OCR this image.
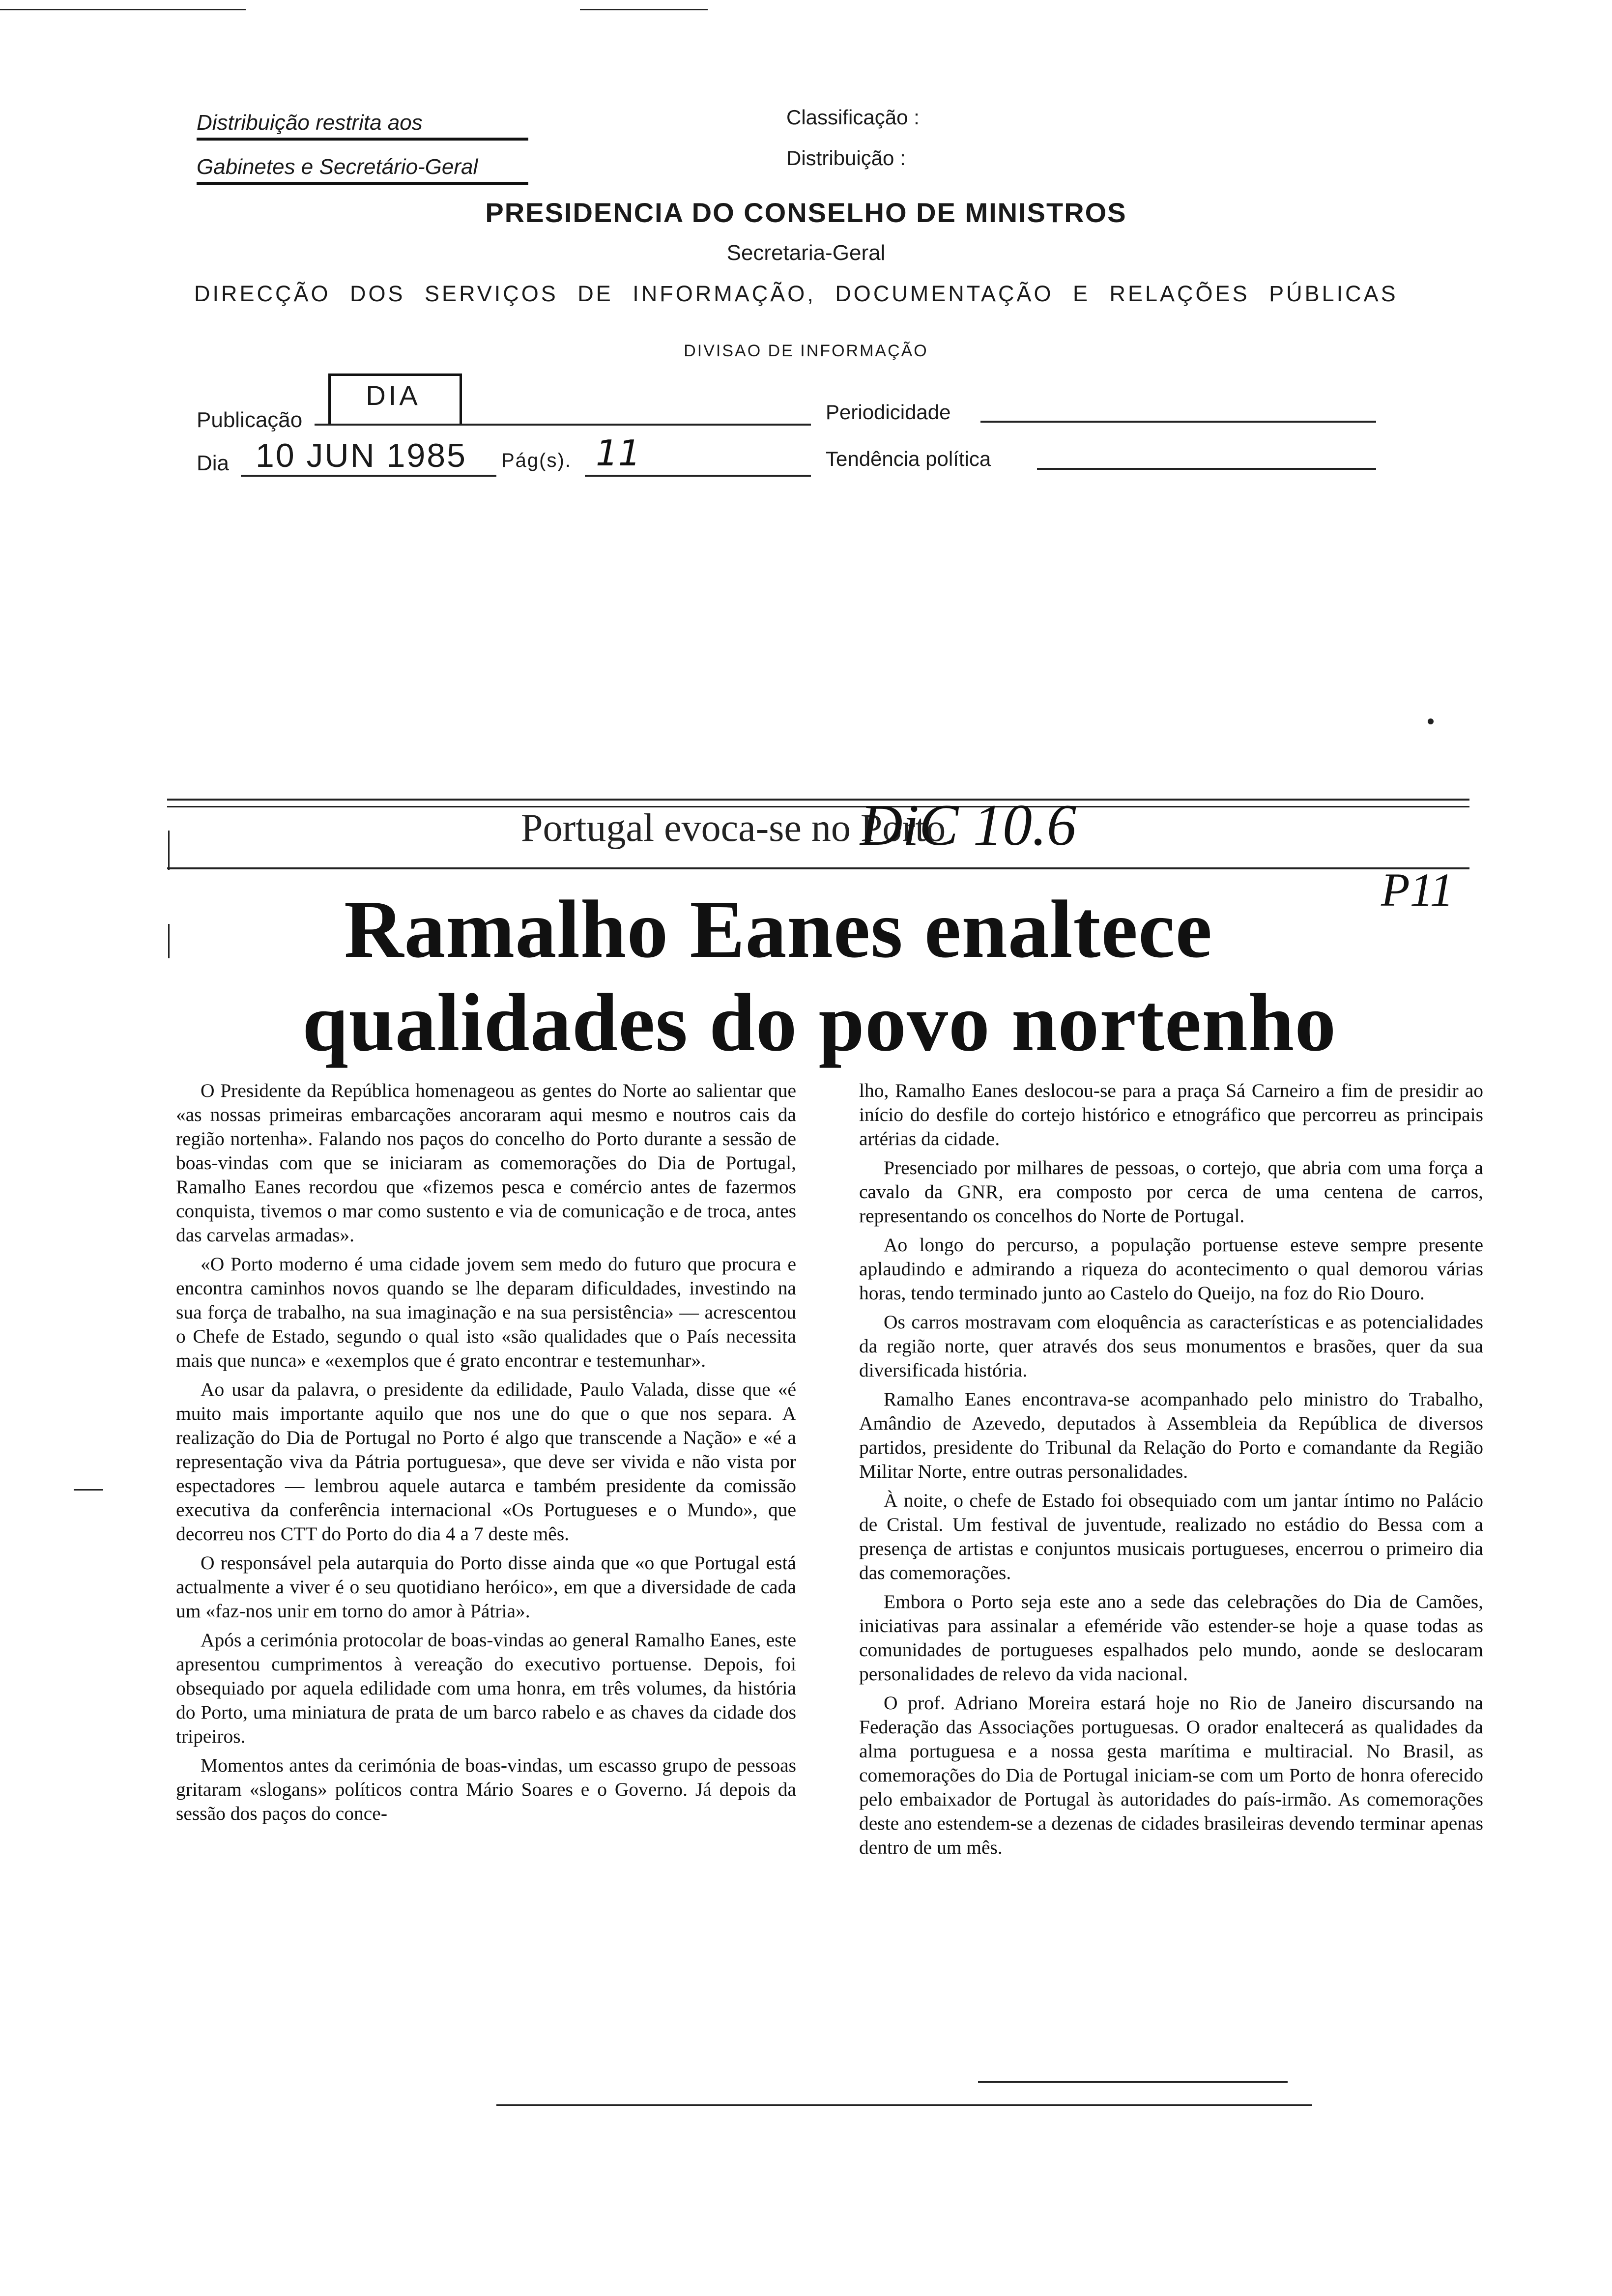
Distribuição restrita aos
Gabinetes e Secretário-Geral
Classificação :
Distribuição :
PRESIDENCIA DO CONSELHO DE MINISTROS
Secretaria-Geral
DIRECÇÃO DOS SERVIÇOS DE INFORMAÇÃO, DOCUMENTAÇÃO E RELAÇÕES PÚBLICAS
DIVISAO DE INFORMAÇÃO
Publicação
DIA
Periodicidade
Dia 10 JUN 1985 Pág(s). 11	Tendência política
Portugal evoca-se no Porto
DiC 10.6
P11
Ramalho Eanes enaltece
qualidades do povo nortenho

O Presidente da República homenageou as gentes do Norte ao salientar que «as nossas primeiras embarcações ancoraram aqui mesmo e noutros cais da região nortenha». Falando nos paços do concelho do Porto durante a sessão de boas-vindas com que se iniciaram as comemorações do Dia de Portugal, Ramalho Eanes recordou que «fizemos pesca e comércio antes de fazermos conquista, tivemos o mar como sustento e via de comunicação e de troca, antes das carvelas armadas».

«O Porto moderno é uma cidade jovem sem medo do futuro que procura e encontra caminhos novos quando se lhe deparam dificuldades, investindo na sua força de trabalho, na sua imaginação e na sua persistência» — acrescentou o Chefe de Estado, segundo o qual isto «são qualidades que o País necessita mais que nunca» e «exemplos que é grato encontrar e testemunhar».

Ao usar da palavra, o presidente da edilidade, Paulo Valada, disse que «é muito mais importante aquilo que nos une do que o que nos separa. A realização do Dia de Portugal no Porto é algo que transcende a Nação» e «é a representação viva da Pátria portuguesa», que deve ser vivida e não vista por espectadores — lembrou aquele autarca e também presidente da comissão executiva da conferência internacional «Os Portugueses e o Mundo», que decorreu nos CTT do Porto do dia 4 a 7 deste mês.

O responsável pela autarquia do Porto disse ainda que «o que Portugal está actualmente a viver é o seu quotidiano heróico», em que a diversidade de cada um «faz-nos unir em torno do amor à Pátria».

Após a cerimónia protocolar de boas-vindas ao general Ramalho Eanes, este apresentou cumprimentos à vereação do executivo portuense. Depois, foi obsequiado por aquela edilidade com uma honra, em três volumes, da história do Porto, uma miniatura de prata de um barco rabelo e as chaves da cidade dos tripeiros.

Momentos antes da cerimónia de boas-vindas, um escasso grupo de pessoas gritaram «slogans» políticos contra Mário Soares e o Governo. Já depois da sessão dos paços do conce-

lho, Ramalho Eanes deslocou-se para a praça Sá Carneiro a fim de presidir ao início do desfile do cortejo histórico e etnográfico que percorreu as principais artérias da cidade.

Presenciado por milhares de pessoas, o cortejo, que abria com uma força a cavalo da GNR, era composto por cerca de uma centena de carros, representando os concelhos do Norte de Portugal.

Ao longo do percurso, a população portuense esteve sempre presente aplaudindo e admirando a riqueza do acontecimento o qual demorou várias horas, tendo terminado junto ao Castelo do Queijo, na foz do Rio Douro.

Os carros mostravam com eloquência as características e as potencialidades da região norte, quer através dos seus monumentos e brasões, quer da sua diversificada história.

Ramalho Eanes encontrava-se acompanhado pelo ministro do Trabalho, Amândio de Azevedo, deputados à Assembleia da República de diversos partidos, presidente do Tribunal da Relação do Porto e comandante da Região Militar Norte, entre outras personalidades.

À noite, o chefe de Estado foi obsequiado com um jantar íntimo no Palácio de Cristal. Um festival de juventude, realizado no estádio do Bessa com a presença de artistas e conjuntos musicais portugueses, encerrou o primeiro dia das comemorações.

Embora o Porto seja este ano a sede das celebrações do Dia de Camões, iniciativas para assinalar a efeméride vão estender-se hoje a quase todas as comunidades de portugueses espalhados pelo mundo, aonde se deslocaram personalidades de relevo da vida nacional.

O prof. Adriano Moreira estará hoje no Rio de Janeiro discursando na Federação das Associações portuguesas. O orador enaltecerá as qualidades da alma portuguesa e a nossa gesta marítima e multiracial. No Brasil, as comemorações do Dia de Portugal iniciam-se com um Porto de honra oferecido pelo embaixador de Portugal às autoridades do país-irmão. As comemorações deste ano estendem-se a dezenas de cidades brasileiras devendo terminar apenas dentro de um mês.
